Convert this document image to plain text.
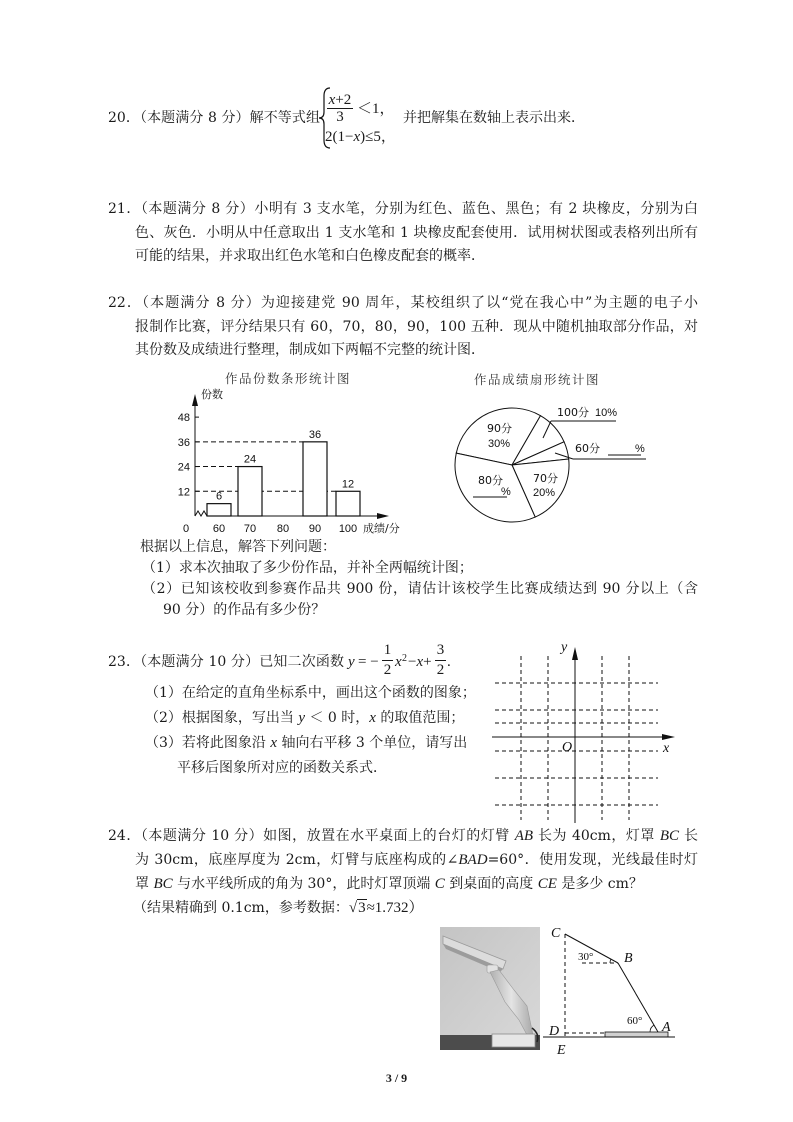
20．（本题满分 8 分）解不等式组
x+2
3 ＜1，
2(1−x)≤5，
并把解集在数轴上表示出来．
21．（本题满分 8 分）小明有 3 支水笔，分别为红色、蓝色、黑色；有 2 块橡皮，分别为白
色、灰色．小明从中任意取出 1 支水笔和 1 块橡皮配套使用．试用树状图或表格列出所有
可能的结果，并求取出红色水笔和白色橡皮配套的概率．
22．（本题满分 8 分）为迎接建党 90 周年，某校组织了以“党在我心中”为主题的电子小
报制作比赛，评分结果只有 60，70，80，90，100 五种．现从中随机抽取部分作品，对
其份数及成绩进行整理，制成如下两幅不完整的统计图．
作品份数条形统计图
份数
0	成绩/分
12
24
36
48
6
60
24
70 80
36
90
12
100
作品成绩扇形统计图
90分
30%
100分 10%
60分	%
70分
20%
80分
%
根据以上信息，解答下列问题：
（1）求本次抽取了多少份作品，并补全两幅统计图；
（2）已知该校收到参赛作品共 900 份，请估计该校学生比赛成绩达到 90 分以上（含
90 分）的作品有多少份？
23．（本题满分 10 分）已知二次函数 y = −
1
2 x 2 −x+
3
2 .
（1）在给定的直角坐标系中，画出这个函数的图象；
（2）根据图象，写出当 y ＜ 0 时，x 的取值范围；
（3）若将此图象沿 x 轴向右平移 3 个单位，请写出
平移后图象所对应的函数关系式．
y
O	x
24．（本题满分 10 分）如图，放置在水平桌面上的台灯的灯臂 AB 长为 40cm，灯罩 BC 长
为 30cm，底座厚度为 2cm，灯臂与底座构成的∠BAD=60°．使用发现，光线最佳时灯
罩 BC 与水平线所成的角为 30°，此时灯罩顶端 C 到桌面的高度 CE 是多少 cm？
（结果精确到 0.1cm，参考数据：√3≈1.732）
C
B
A
D
E
30°
60°
3 / 9
